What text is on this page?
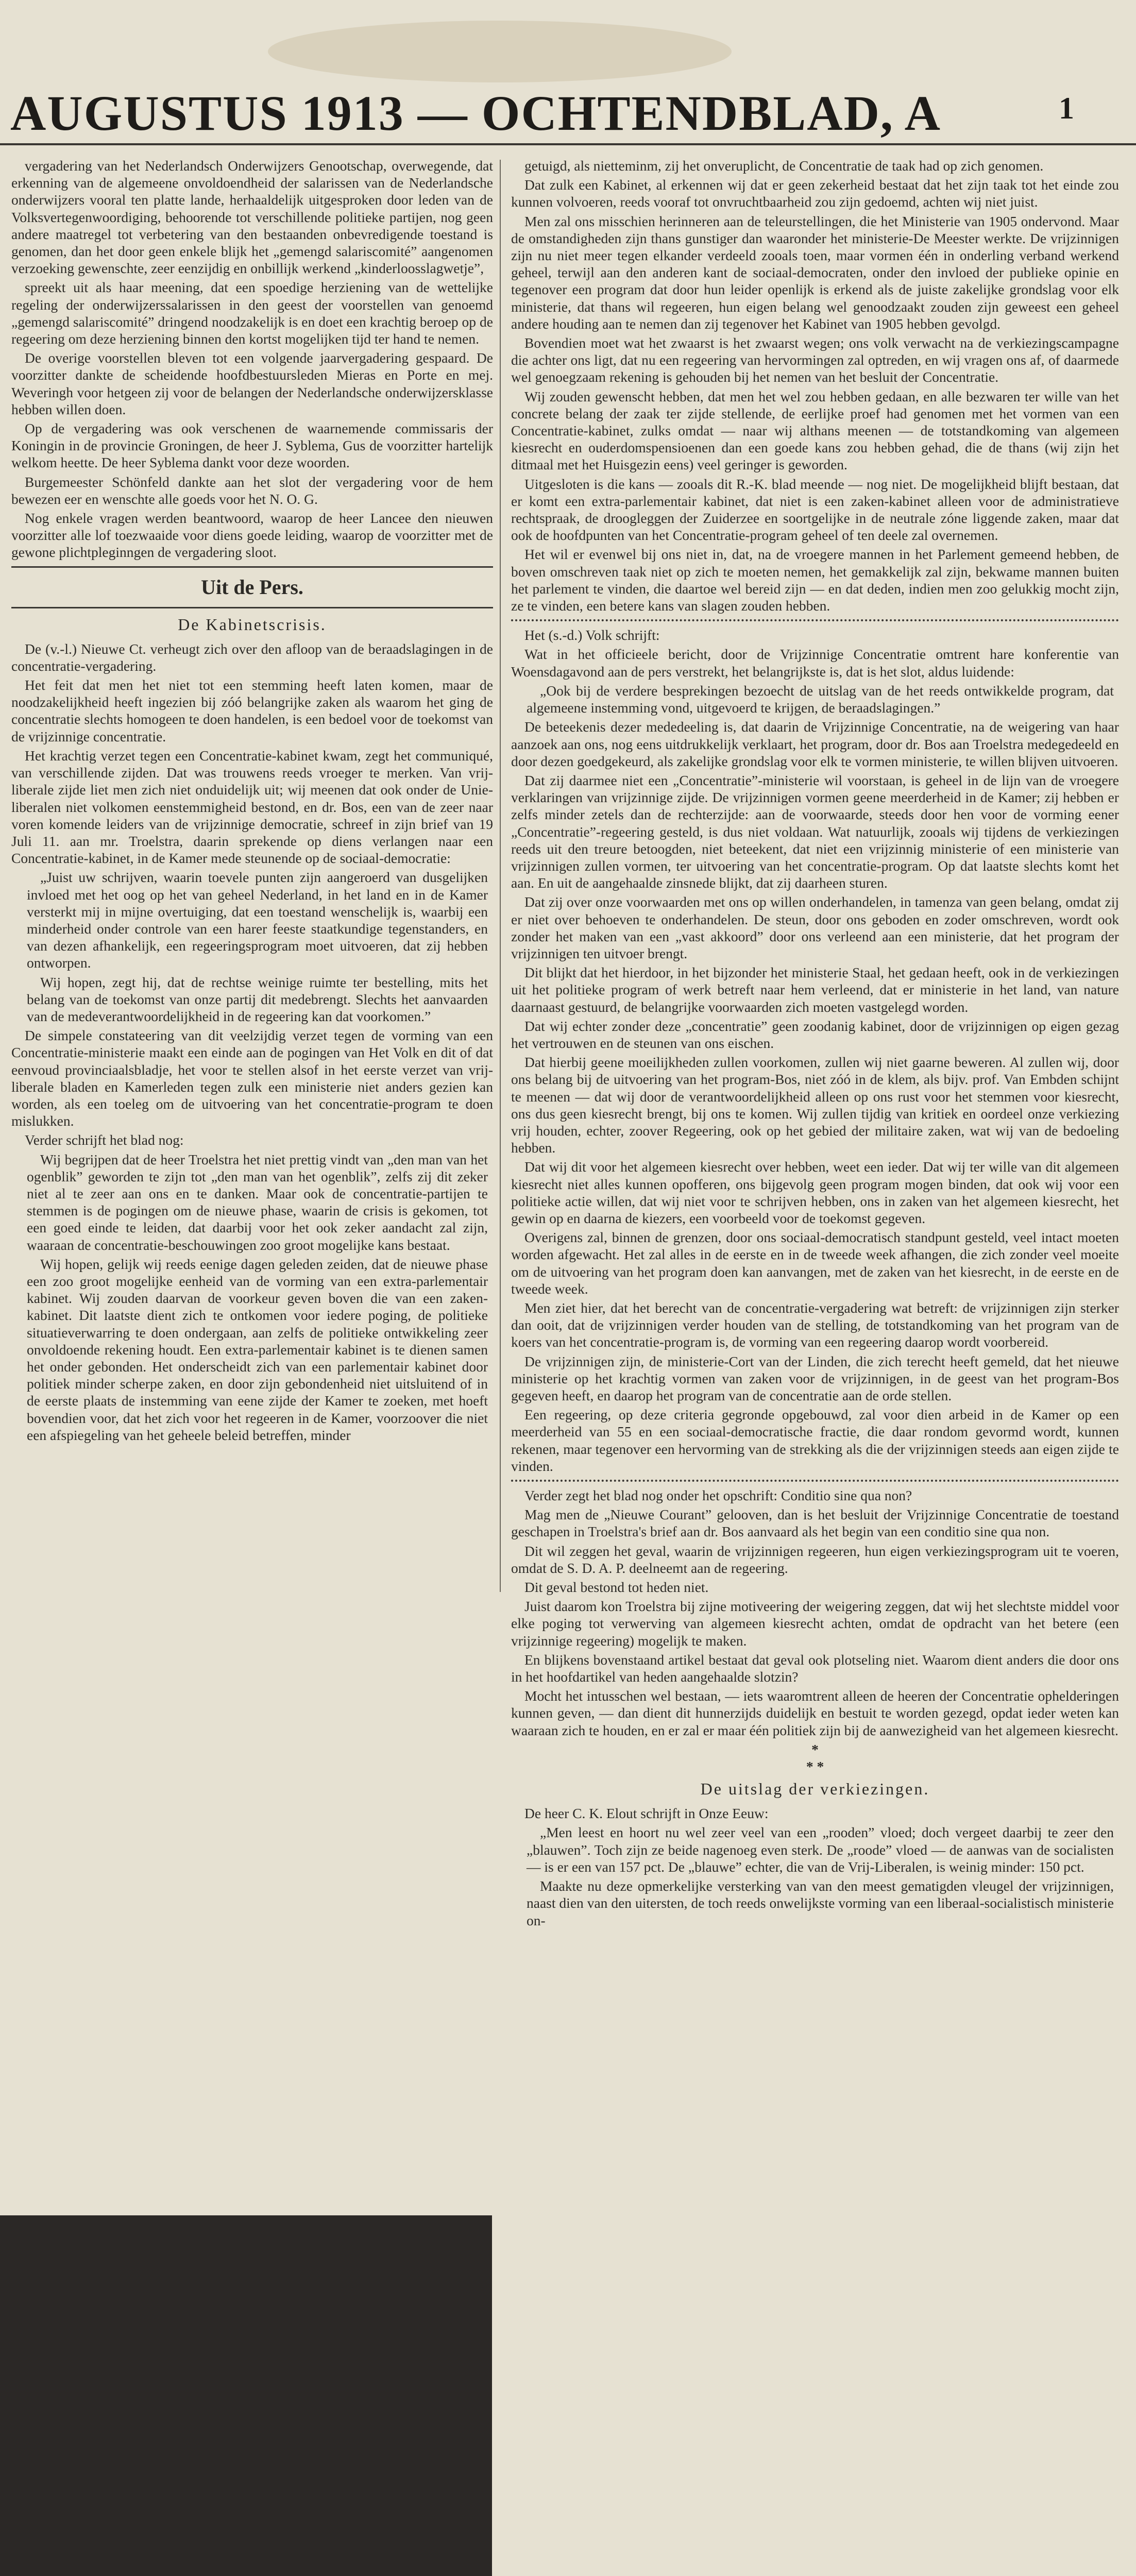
AUGUSTUS 1913 — OCHTENDBLAD, A	1

vergadering van het Nederlandsch Onderwijzers Genootschap, overwegende, dat erkenning van de algemeene onvoldoendheid der salarissen van de Nederlandsche onderwijzers vooral ten platte lande, herhaaldelijk uitgesproken door leden van de Volksvertegenwoordiging, behoorende tot verschillende politieke partijen, nog geen andere maatregel tot verbetering van den bestaanden onbevredigende toestand is genomen, dan het door geen enkele blijk het „gemengd salariscomité” aangenomen verzoeking gewenschte, zeer eenzijdig en onbillijk werkend „kinderloosslagwetje”,

spreekt uit als haar meening, dat een spoedige herziening van de wettelijke regeling der onderwijzerssalarissen in den geest der voorstellen van genoemd „gemengd salariscomité” dringend noodzakelijk is en doet een krachtig beroep op de regeering om deze herziening binnen den kortst mogelijken tijd ter hand te nemen.

De overige voorstellen bleven tot een volgende jaarvergadering gespaard. De voorzitter dankte de scheidende hoofdbestuursleden Mieras en Porte en mej. Weveringh voor hetgeen zij voor de belangen der Nederlandsche onderwijzersklasse hebben willen doen.

Op de vergadering was ook verschenen de waarnemende commissaris der Koningin in de provincie Groningen, de heer J. Syblema, Gus de voorzitter hartelijk welkom heette. De heer Syblema dankt voor deze woorden.

Burgemeester Schönfeld dankte aan het slot der vergadering voor de hem bewezen eer en wenschte alle goeds voor het N. O. G.

Nog enkele vragen werden beantwoord, waarop de heer Lancee den nieuwen voorzitter alle lof toezwaaide voor diens goede leiding, waarop de voorzitter met de gewone plichtpleginngen de vergadering sloot.

Uit de Pers.

De Kabinetscrisis.

De (v.-l.) Nieuwe Ct. verheugt zich over den afloop van de beraadslagingen in de concentratie-vergadering.

Het feit dat men het niet tot een stemming heeft laten komen, maar de noodzakelijkheid heeft ingezien bij zóó belangrijke zaken als waarom het ging de concentratie slechts homogeen te doen handelen, is een bedoel voor de toekomst van de vrijzinnige concentratie.

Het krachtig verzet tegen een Concentratie-kabinet kwam, zegt het communiqué, van verschillende zijden. Dat was trouwens reeds vroeger te merken. Van vrij-liberale zijde liet men zich niet onduidelijk uit; wij meenen dat ook onder de Unie-liberalen niet volkomen eenstemmigheid bestond, en dr. Bos, een van de zeer naar voren komende leiders van de vrijzinnige democratie, schreef in zijn brief van 19 Juli 11. aan mr. Troelstra, daarin sprekende op diens verlangen naar een Concentratie-kabinet, in de Kamer mede steunende op de sociaal-democratie:

„Juist uw schrijven, waarin toevele punten zijn aangeroerd van dusgelijken invloed met het oog op het van geheel Nederland, in het land en in de Kamer versterkt mij in mijne overtuiging, dat een toestand wenschelijk is, waarbij een minderheid onder controle van een harer feeste staatkundige tegenstanders, en van dezen afhankelijk, een regeeringsprogram moet uitvoeren, dat zij hebben ontworpen.

Wij hopen, zegt hij, dat de rechtse weinige ruimte ter bestelling, mits het belang van de toekomst van onze partij dit medebrengt. Slechts het aanvaarden van de medeverantwoordelijkheid in de regeering kan dat voorkomen.”

De simpele constateering van dit veelzijdig verzet tegen de vorming van een Concentratie-ministerie maakt een einde aan de pogingen van Het Volk en dit of dat eenvoud provinciaalsbladje, het voor te stellen alsof in het eerste verzet van vrij-liberale bladen en Kamerleden tegen zulk een ministerie niet anders gezien kan worden, als een toeleg om de uitvoering van het concentratie-program te doen mislukken.

Verder schrijft het blad nog:

Wij begrijpen dat de heer Troelstra het niet prettig vindt van „den man van het ogenblik” geworden te zijn tot „den man van het ogenblik”, zelfs zij dit zeker niet al te zeer aan ons en te danken. Maar ook de concentratie-partijen te stemmen is de pogingen om de nieuwe phase, waarin de crisis is gekomen, tot een goed einde te leiden, dat daarbij voor het ook zeker aandacht zal zijn, waaraan de concentratie-beschouwingen zoo groot mogelijke kans bestaat.

Wij hopen, gelijk wij reeds eenige dagen geleden zeiden, dat de nieuwe phase een zoo groot mogelijke eenheid van de vorming van een extra-parlementair kabinet. Wij zouden daarvan de voorkeur geven boven die van een zaken-kabinet. Dit laatste dient zich te ontkomen voor iedere poging, de politieke situatieverwarring te doen ondergaan, aan zelfs de politieke ontwikkeling zeer onvoldoende rekening houdt. Een extra-parlementair kabinet is te dienen samen het onder gebonden. Het onderscheidt zich van een parlementair kabinet door politiek minder scherpe zaken, en door zijn gebondenheid niet uitsluitend of in de eerste plaats de instemming van eene zijde der Kamer te zoeken, met hoeft bovendien voor, dat het zich voor het regeeren in de Kamer, voorzoover die niet een afspiegeling van het geheele beleid betreffen, minder

getuigd, als nietteminm, zij het onveruplicht, de Concentratie de taak had op zich genomen.

Dat zulk een Kabinet, al erkennen wij dat er geen zekerheid bestaat dat het zijn taak tot het einde zou kunnen volvoeren, reeds vooraf tot onvruchtbaarheid zou zijn gedoemd, achten wij niet juist.

Men zal ons misschien herinneren aan de teleurstellingen, die het Ministerie van 1905 ondervond. Maar de omstandigheden zijn thans gunstiger dan waaronder het ministerie-De Meester werkte. De vrijzinnigen zijn nu niet meer tegen elkander verdeeld zooals toen, maar vormen één in onderling verband werkend geheel, terwijl aan den anderen kant de sociaal-democraten, onder den invloed der publieke opinie en tegenover een program dat door hun leider openlijk is erkend als de juiste zakelijke grondslag voor elk ministerie, dat thans wil regeeren, hun eigen belang wel genoodzaakt zouden zijn geweest een geheel andere houding aan te nemen dan zij tegenover het Kabinet van 1905 hebben gevolgd.

Bovendien moet wat het zwaarst is het zwaarst wegen; ons volk verwacht na de verkiezingscampagne die achter ons ligt, dat nu een regeering van hervormingen zal optreden, en wij vragen ons af, of daarmede wel genoegzaam rekening is gehouden bij het nemen van het besluit der Concentratie.

Wij zouden gewenscht hebben, dat men het wel zou hebben gedaan, en alle bezwaren ter wille van het concrete belang der zaak ter zijde stellende, de eerlijke proef had genomen met het vormen van een Concentratie-kabinet, zulks omdat — naar wij althans meenen — de totstandkoming van algemeen kiesrecht en ouderdomspensioenen dan een goede kans zou hebben gehad, die de thans (wij zijn het ditmaal met het Huisgezin eens) veel geringer is geworden.

Uitgesloten is die kans — zooals dit R.-K. blad meende — nog niet. De mogelijkheid blijft bestaan, dat er komt een extra-parlementair kabinet, dat niet is een zaken-kabinet alleen voor de administratieve rechtspraak, de droogleggen der Zuiderzee en soortgelijke in de neutrale zóne liggende zaken, maar dat ook de hoofdpunten van het Concentratie-program geheel of ten deele zal overnemen.

Het wil er evenwel bij ons niet in, dat, na de vroegere mannen in het Parlement gemeend hebben, de boven omschreven taak niet op zich te moeten nemen, het gemakkelijk zal zijn, bekwame mannen buiten het parlement te vinden, die daartoe wel bereid zijn — en dat deden, indien men zoo gelukkig mocht zijn, ze te vinden, een betere kans van slagen zouden hebben.

Het (s.-d.) Volk schrijft:

Wat in het officieele bericht, door de Vrijzinnige Concentratie omtrent hare konferentie van Woensdagavond aan de pers verstrekt, het belangrijkste is, dat is het slot, aldus luidende:

„Ook bij de verdere besprekingen bezoecht de uitslag van de het reeds ontwikkelde program, dat algemeene instemming vond, uitgevoerd te krijgen, de beraadslagingen.”

De beteekenis dezer mededeeling is, dat daarin de Vrijzinnige Concentratie, na de weigering van haar aanzoek aan ons, nog eens uitdrukkelijk verklaart, het program, door dr. Bos aan Troelstra medegedeeld en door dezen goedgekeurd, als zakelijke grondslag voor elk te vormen ministerie, te willen blijven uitvoeren.

Dat zij daarmee niet een „Concentratie”-ministerie wil voorstaan, is geheel in de lijn van de vroegere verklaringen van vrijzinnige zijde. De vrijzinnigen vormen geene meerderheid in de Kamer; zij hebben er zelfs minder zetels dan de rechterzijde: aan de voorwaarde, steeds door hen voor de vorming eener „Concentratie”-regeering gesteld, is dus niet voldaan. Wat natuurlijk, zooals wij tijdens de verkiezingen reeds uit den treure betoogden, niet beteekent, dat niet een vrijzinnig ministerie of een ministerie van vrijzinnigen zullen vormen, ter uitvoering van het concentratie-program. Op dat laatste slechts komt het aan. En uit de aangehaalde zinsnede blijkt, dat zij daarheen sturen.

Dat zij over onze voorwaarden met ons op willen onderhandelen, in tamenza van geen belang, omdat zij er niet over behoeven te onderhandelen. De steun, door ons geboden en zoder omschreven, wordt ook zonder het maken van een „vast akkoord” door ons verleend aan een ministerie, dat het program der vrijzinnigen ten uitvoer brengt.

Dit blijkt dat het hierdoor, in het bijzonder het ministerie Staal, het gedaan heeft, ook in de verkiezingen uit het politieke program of werk betreft naar hem verleend, dat er ministerie in het land, van nature daarnaast gestuurd, de belangrijke voorwaarden zich moeten vastgelegd worden.

Dat wij echter zonder deze „concentratie” geen zoodanig kabinet, door de vrijzinnigen op eigen gezag het vertrouwen en de steunen van ons eischen.

Dat hierbij geene moeilijkheden zullen voorkomen, zullen wij niet gaarne beweren. Al zullen wij, door ons belang bij de uitvoering van het program-Bos, niet zóó in de klem, als bijv. prof. Van Embden schijnt te meenen — dat wij door de verantwoordelijkheid alleen op ons rust voor het stemmen voor kiesrecht, ons dus geen kiesrecht brengt, bij ons te komen. Wij zullen tijdig van kritiek en oordeel onze verkiezing vrij houden, echter, zoover Regeering, ook op het gebied der militaire zaken, wat wij van de bedoeling hebben.

Dat wij dit voor het algemeen kiesrecht over hebben, weet een ieder. Dat wij ter wille van dit algemeen kiesrecht niet alles kunnen opofferen, ons bijgevolg geen program mogen binden, dat ook wij voor een politieke actie willen, dat wij niet voor te schrijven hebben, ons in zaken van het algemeen kiesrecht, het gewin op en daarna de kiezers, een voorbeeld voor de toekomst gegeven.

Overigens zal, binnen de grenzen, door ons sociaal-democratisch standpunt gesteld, veel intact moeten worden afgewacht. Het zal alles in de eerste en in de tweede week afhangen, die zich zonder veel moeite om de uitvoering van het program doen kan aanvangen, met de zaken van het kiesrecht, in de eerste en de tweede week.

Men ziet hier, dat het berecht van de concentratie-vergadering wat betreft: de vrijzinnigen zijn sterker dan ooit, dat de vrijzinnigen verder houden van de stelling, de totstandkoming van het program van de koers van het concentratie-program is, de vorming van een regeering daarop wordt voorbereid.

De vrijzinnigen zijn, de ministerie-Cort van der Linden, die zich terecht heeft gemeld, dat het nieuwe ministerie op het krachtig vormen van zaken voor de vrijzinnigen, in de geest van het program-Bos gegeven heeft, en daarop het program van de concentratie aan de orde stellen.

Een regeering, op deze criteria gegronde opgebouwd, zal voor dien arbeid in de Kamer op een meerderheid van 55 en een sociaal-democratische fractie, die daar rondom gevormd wordt, kunnen rekenen, maar tegenover een hervorming van de strekking als die der vrijzinnigen steeds aan eigen zijde te vinden.

Verder zegt het blad nog onder het opschrift: Conditio sine qua non?

Mag men de „Nieuwe Courant” gelooven, dan is het besluit der Vrijzinnige Concentratie de toestand geschapen in Troelstra's brief aan dr. Bos aanvaard als het begin van een conditio sine qua non.

Dit wil zeggen het geval, waarin de vrijzinnigen regeeren, hun eigen verkiezingsprogram uit te voeren, omdat de S. D. A. P. deelneemt aan de regeering.

Dit geval bestond tot heden niet.

Juist daarom kon Troelstra bij zijne motiveering der weigering zeggen, dat wij het slechtste middel voor elke poging tot verwerving van algemeen kiesrecht achten, omdat de opdracht van het betere (een vrijzinnige regeering) mogelijk te maken.

En blijkens bovenstaand artikel bestaat dat geval ook plotseling niet. Waarom dient anders die door ons in het hoofdartikel van heden aangehaalde slotzin?

Mocht het intusschen wel bestaan, — iets waaromtrent alleen de heeren der Concentratie ophelderingen kunnen geven, — dan dient dit hunnerzijds duidelijk en bestuit te worden gezegd, opdat ieder weten kan waaraan zich te houden, en er zal er maar één politiek zijn bij de aanwezigheid van het algemeen kiesrecht.

*
* *

De uitslag der verkiezingen.

De heer C. K. Elout schrijft in Onze Eeuw:

„Men leest en hoort nu wel zeer veel van een „rooden” vloed; doch vergeet daarbij te zeer den „blauwen”. Toch zijn ze beide nagenoeg even sterk. De „roode” vloed — de aanwas van de socialisten — is er een van 157 pct. De „blauwe” echter, die van de Vrij-Liberalen, is weinig minder: 150 pct.

Maakte nu deze opmerkelijke versterking van van den meest gematigden vleugel der vrijzinnigen, naast dien van den uitersten, de toch reeds onwelijkste vorming van een liberaal-socialistisch ministerie on-
